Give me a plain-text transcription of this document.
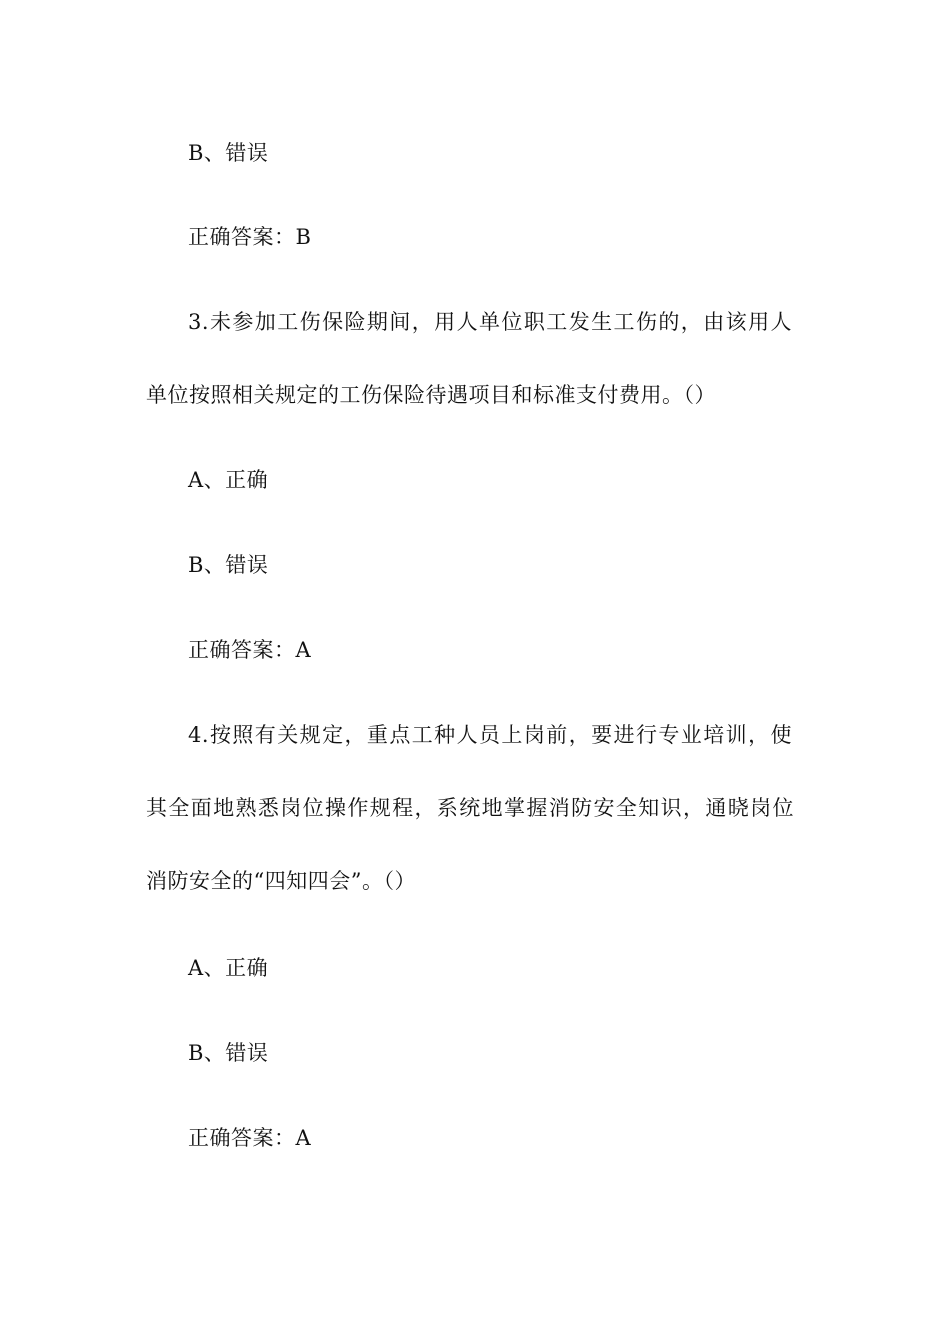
B、错误
正确答案：B
3.未参加工伤保险期间，用人单位职工发生工伤的，由该用人
单位按照相关规定的工伤保险待遇项目和标准支付费用。（）
A、正确
B、错误
正确答案：A
4.按照有关规定，重点工种人员上岗前，要进行专业培训，使
其全面地熟悉岗位操作规程，系统地掌握消防安全知识，通晓岗位
消防安全的“四知四会”。（）
A、正确
B、错误
正确答案：A
